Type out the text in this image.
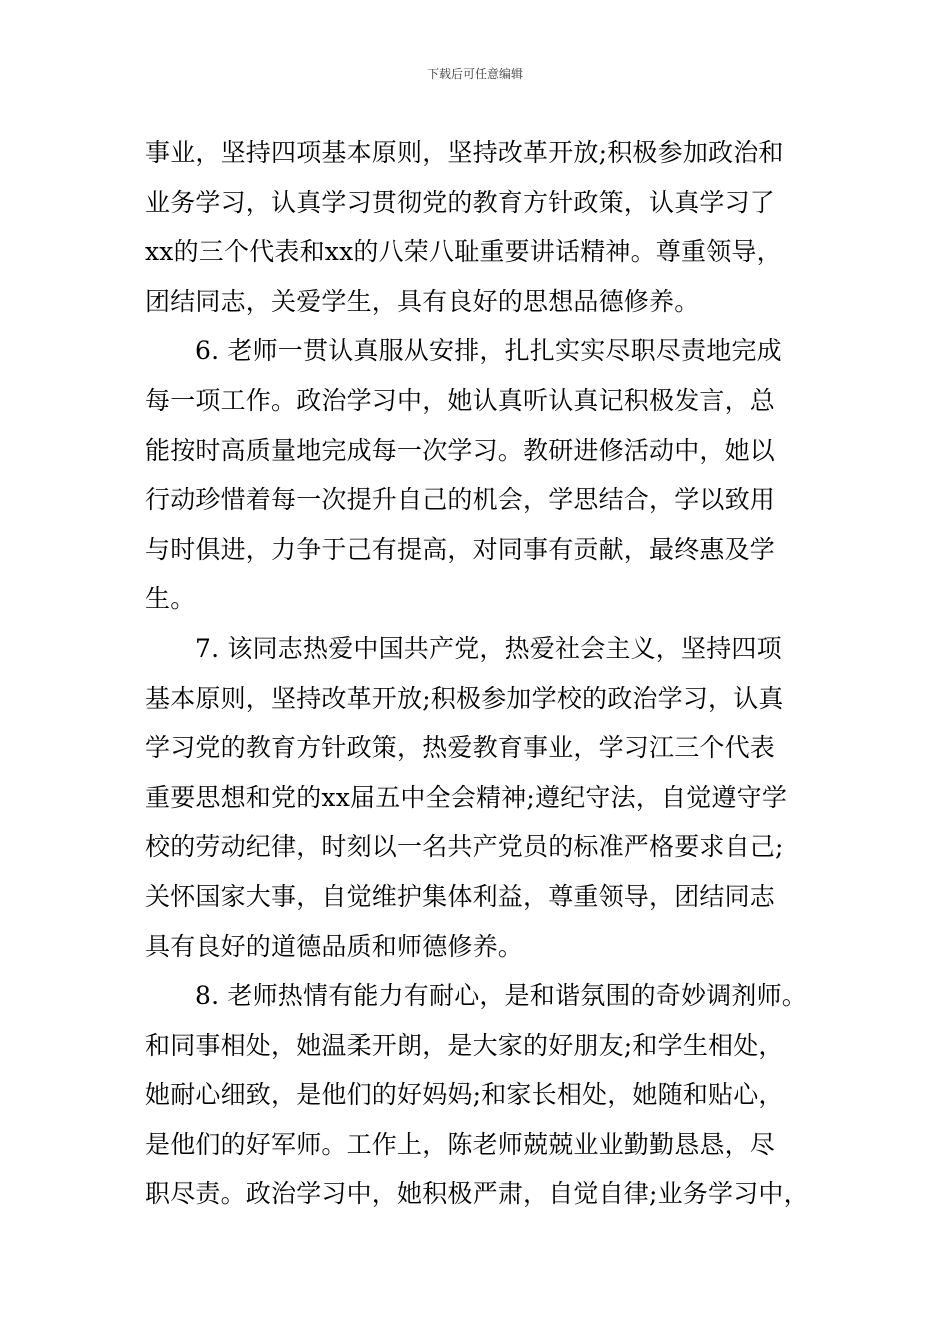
下载后可任意编辑
事业，坚持四项基本原则，坚持改革开放;积极参加政治和
业务学习，认真学习贯彻党的教育方针政策，认真学习了
xx的三个代表和xx的八荣八耻重要讲话精神。尊重领导，
团结同志，关爱学生，具有良好的思想品德修养。
6. 老师一贯认真服从安排，扎扎实实尽职尽责地完成
每一项工作。政治学习中，她认真听认真记积极发言，总
能按时高质量地完成每一次学习。教研进修活动中，她以
行动珍惜着每一次提升自己的机会，学思结合，学以致用
与时俱进，力争于己有提高，对同事有贡献，最终惠及学
生。
7. 该同志热爱中国共产党，热爱社会主义，坚持四项
基本原则，坚持改革开放;积极参加学校的政治学习，认真
学习党的教育方针政策，热爱教育事业，学习江三个代表
重要思想和党的xx届五中全会精神;遵纪守法，自觉遵守学
校的劳动纪律，时刻以一名共产党员的标准严格要求自己;
关怀国家大事，自觉维护集体利益，尊重领导，团结同志
具有良好的道德品质和师德修养。
8. 老师热情有能力有耐心，是和谐氛围的奇妙调剂师。
和同事相处，她温柔开朗，是大家的好朋友;和学生相处，
她耐心细致，是他们的好妈妈;和家长相处，她随和贴心，
是他们的好军师。工作上，陈老师兢兢业业勤勤恳恳，尽
职尽责。政治学习中，她积极严肃，自觉自律;业务学习中，
